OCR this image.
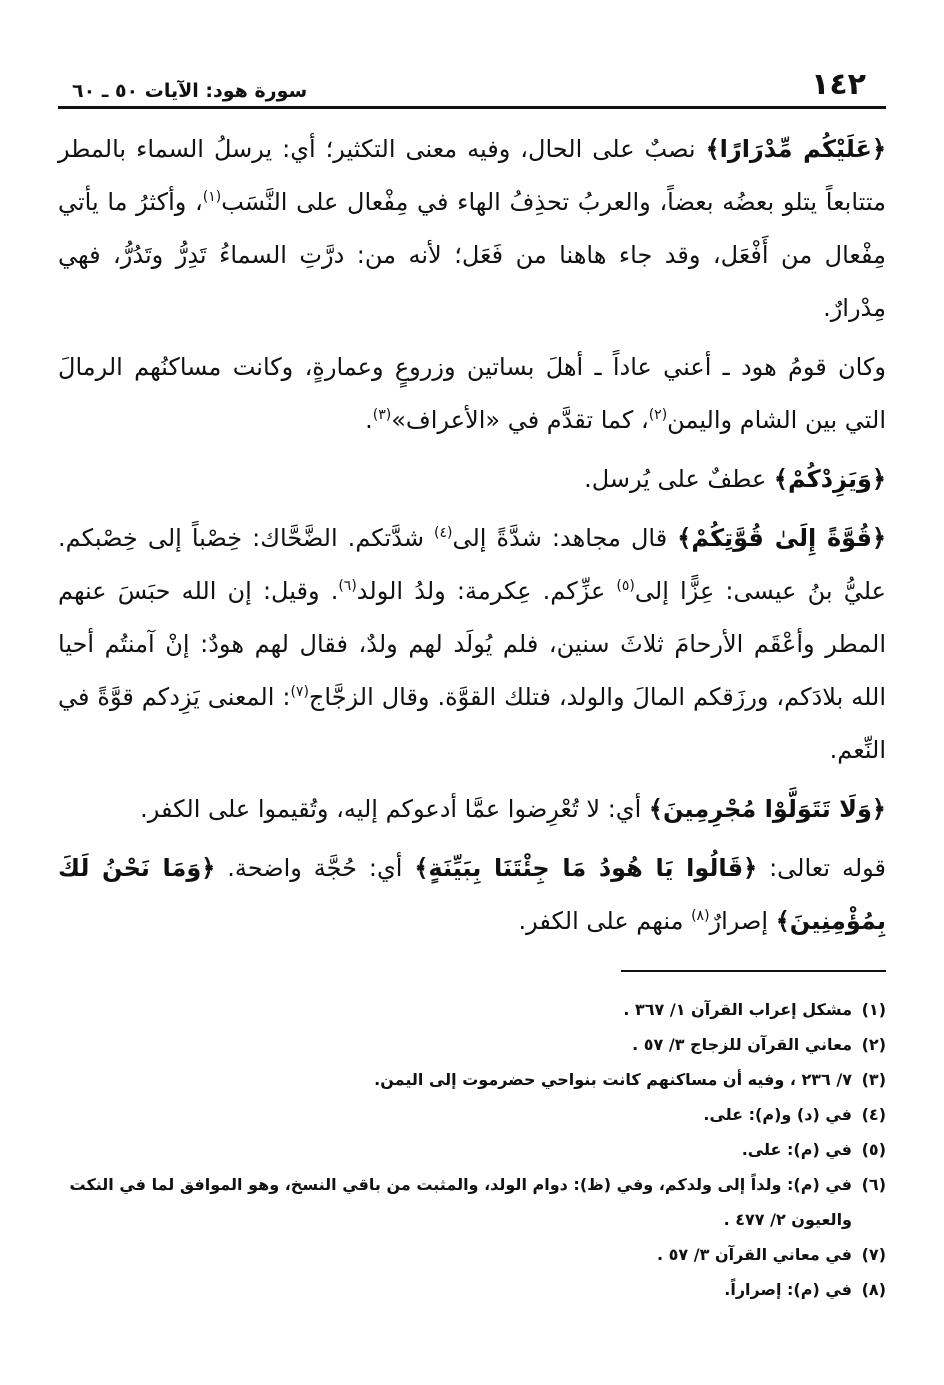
١٤٢
سورة هود: الآيات ٥٠ ـ ٦٠

﴿عَلَيْكُم مِّدْرَارًا﴾ نصبٌ على الحال، وفيه معنى التكثير؛ أي: يرسلُ السماء بالمطر متتابعاً يتلو بعضُه بعضاً، والعربُ تحذِفُ الهاء في مِفْعال على النَّسَب$^{(١)}$، وأكثرُ ما يأتي مِفْعال من أَفْعَل، وقد جاء هاهنا من فَعَل؛ لأنه من: درَّتِ السماءُ تَدِرُّ وتَدُرُّ، فهي مِدْرارٌ.

وكان قومُ هود ـ أعني عاداً ـ أهلَ بساتين وزروعٍ وعمارةٍ، وكانت مساكنُهم الرمالَ التي بين الشام واليمن$^{(٢)}$، كما تقدَّم في «الأعراف»$^{(٣)}$.

﴿وَيَزِدْكُمْ﴾ عطفٌ على يُرسل.

﴿قُوَّةً إِلَىٰ قُوَّتِكُمْ﴾ قال مجاهد: شدَّةً إلى$^{(٤)}$ شدَّتكم. الضَّحَّاك: خِصْباً إلى خِصْبكم. عليُّ بنُ عيسى: عِزًّا إلى$^{(٥)}$ عزِّكم. عِكرمة: ولدُ الولد$^{(٦)}$. وقيل: إن الله حبَسَ عنهم المطر وأعْقَم الأرحامَ ثلاثَ سنين، فلم يُولَد لهم ولدٌ، فقال لهم هودٌ: إنْ آمنتُم أحيا الله بلادَكم، ورزَقكم المالَ والولد، فتلك القوَّة. وقال الزجَّاج$^{(٧)}$: المعنى يَزِدكم قوَّةً في النِّعم.

﴿وَلَا تَتَوَلَّوْا مُجْرِمِينَ﴾ أي: لا تُعْرِضوا عمَّا أدعوكم إليه، وتُقيموا على الكفر.

قوله تعالى: ﴿قَالُوا يَا هُودُ مَا جِئْتَنَا بِبَيِّنَةٍ﴾ أي: حُجَّة واضحة. ﴿وَمَا نَحْنُ لَكَ بِمُؤْمِنِينَ﴾ إصرارٌ$^{(٨)}$ منهم على الكفر.

(١)
مشكل إعراب القرآن ١/ ٣٦٧ .

(٢)
معاني القرآن للزجاج ٣/ ٥٧ .

(٣)
٧/ ٢٣٦ ، وفيه أن مساكنهم كانت بنواحي حضرموت إلى اليمن.

(٤)
في (د) و(م): على.

(٥)
في (م): على.

(٦)
في (م): ولداً إلى ولدكم، وفي (ظ): دوام الولد، والمثبت من باقي النسخ، وهو الموافق لما في النكت والعيون ٢/ ٤٧٧ .

(٧)
في معاني القرآن ٣/ ٥٧ .

(٨)
في (م): إصراراً.
